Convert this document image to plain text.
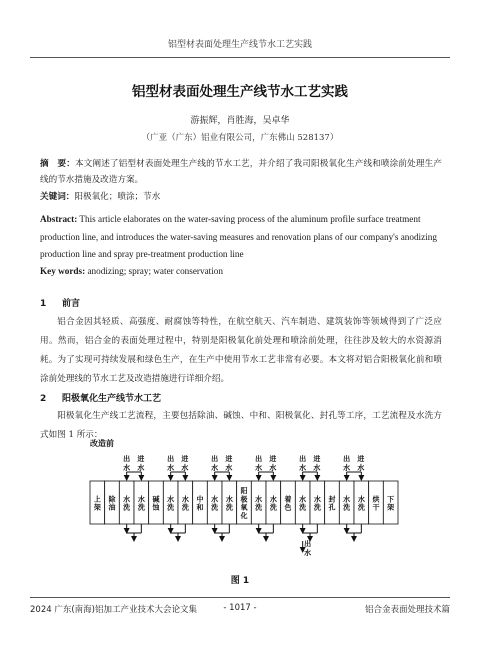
铝型材表面处理生产线节水工艺实践
铝型材表面处理生产线节水工艺实践
游振辉，肖胜海，吴卓华
（广亚（广东）铝业有限公司，广东佛山 528137）
摘　要：本文阐述了铝型材表面处理生产线的节水工艺，并介绍了我司阳极氧化生产线和喷涂前处理生产线的节水措施及改造方案。
关键词：阳极氧化；喷涂；节水
Abstract: This article elaborates on the water-saving process of the aluminum profile surface treatment production line, and introduces the water-saving measures and renovation plans of our company's anodizing production line and spray pre-treatment production line
Key words: anodizing; spray; water conservation
1 前言
铝合金因其轻质、高强度、耐腐蚀等特性，在航空航天、汽车制造、建筑装饰等领域得到了广泛应用。然而，铝合金的表面处理过程中，特别是阳极氧化前处理和喷涂前处理，往往涉及较大的水资源消耗。为了实现可持续发展和绿色生产，在生产中使用节水工艺非常有必要。本文将对铝合阳极氧化前和喷涂前处理线的节水工艺及改造措施进行详细介绍。
2 阳极氧化生产线节水工艺
阳极氧化生产线工艺流程，主要包括除油、碱蚀、中和、阳极氧化、封孔等工序，工艺流程及水洗方式如图 1 所示：
改造前
进
水
出
水
进
水
出
水
进
水
出
水
进
水
出
水
进
水
出
水
进
水
出
水
出
水
上
架
除
油
水
洗
水
洗
碱
蚀
水
洗
水
洗
中
和
水
洗
水
洗
阳
极
氧
化
水
洗
水
洗
着
色
水
洗
水
洗
封
孔
水
洗
水
洗
烘
干
下
架
图 1
2024 广东(南海)铝加工产业技术大会论文集	- 1017 -	铝合金表面处理技术篇
